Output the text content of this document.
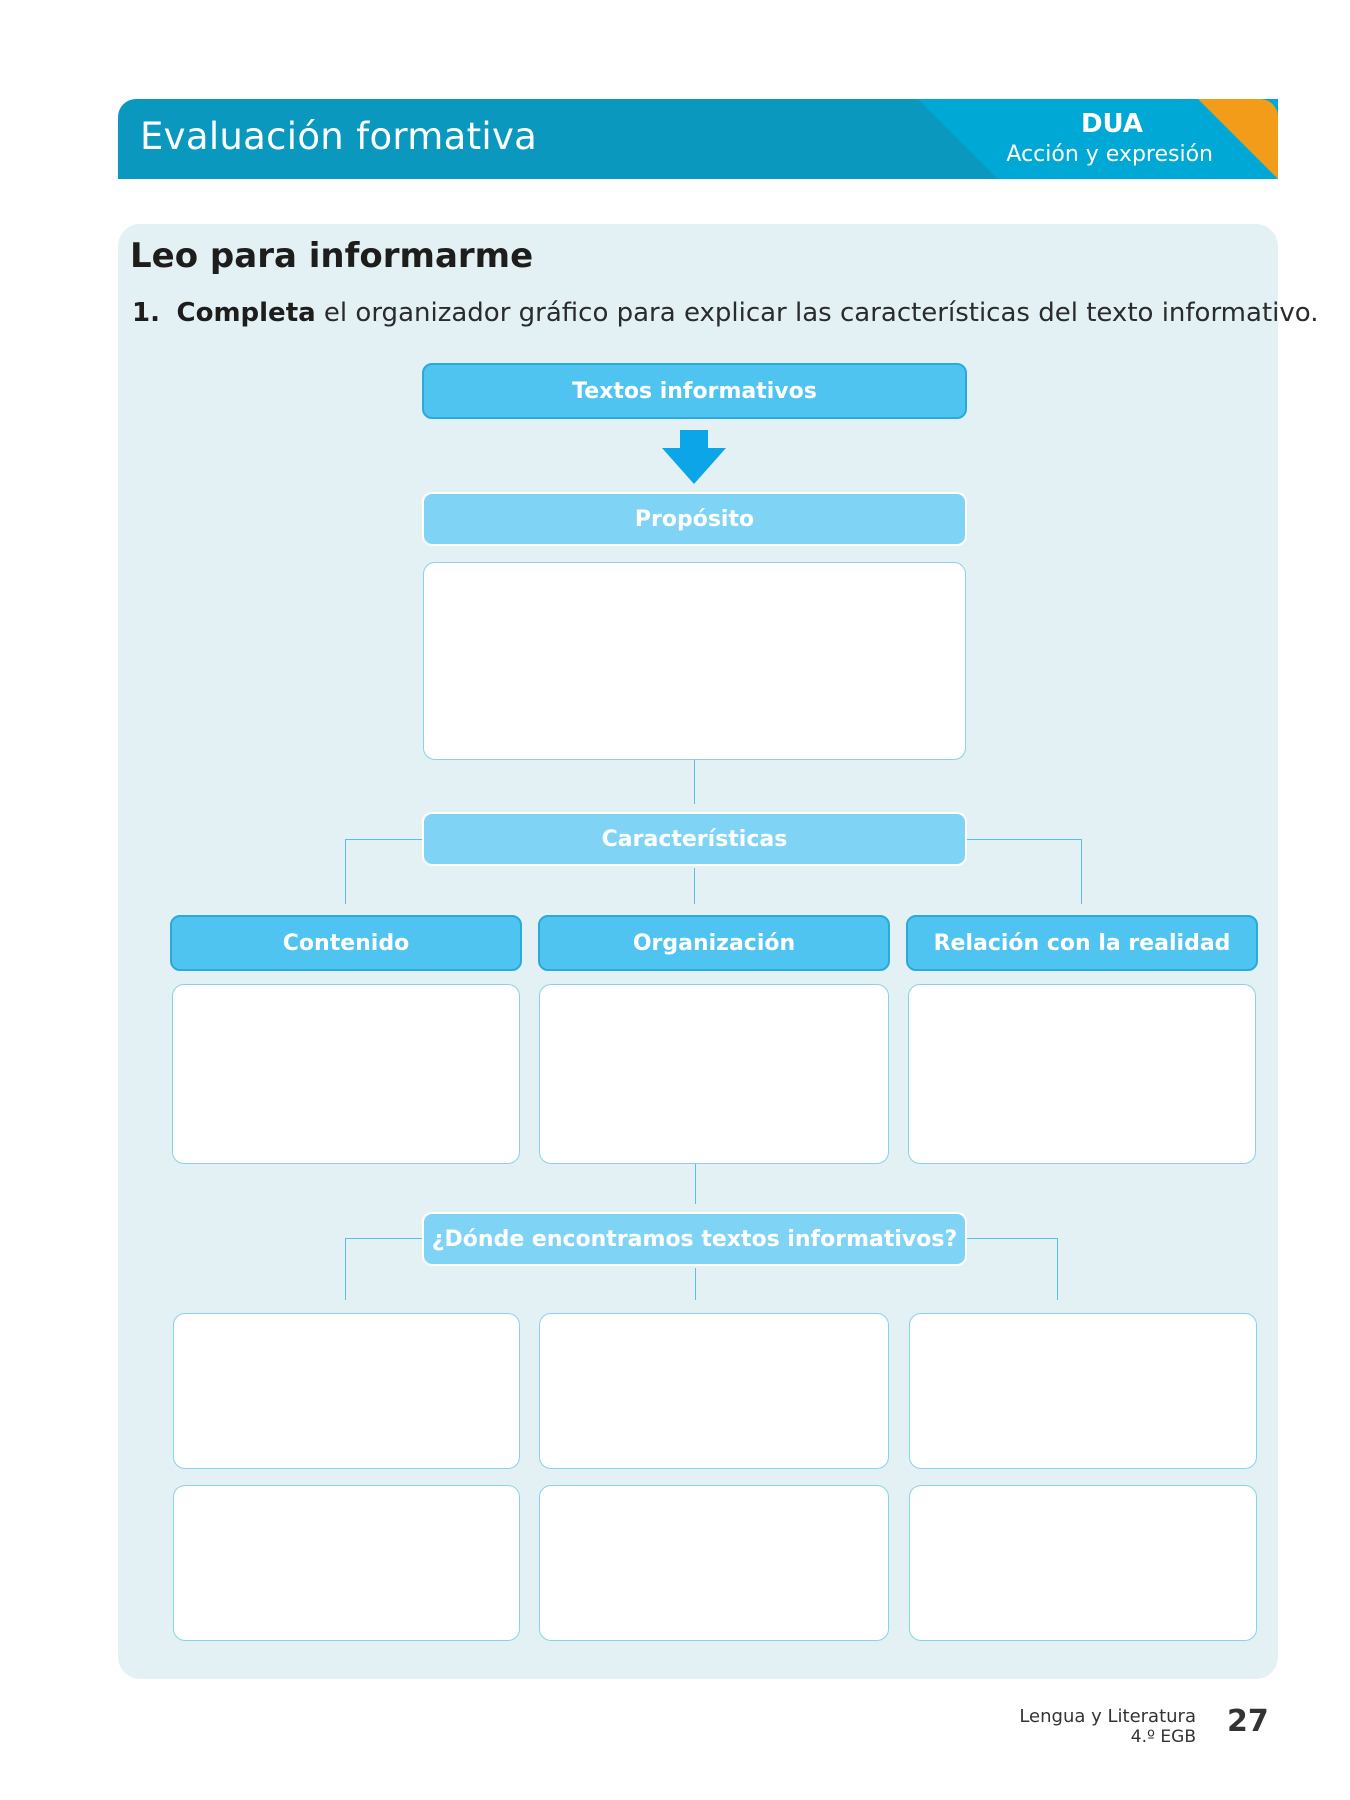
Evaluación formativa	DUA
Acción y expresión
Leo para informarme
1. Completa el organizador gráfico para explicar las características del texto informativo.
Textos informativos
Propósito
Características
Contenido	Organización	Relación con la realidad
¿Dónde encontramos textos informativos?
Lengua y Literatura
4.º EGB 27
